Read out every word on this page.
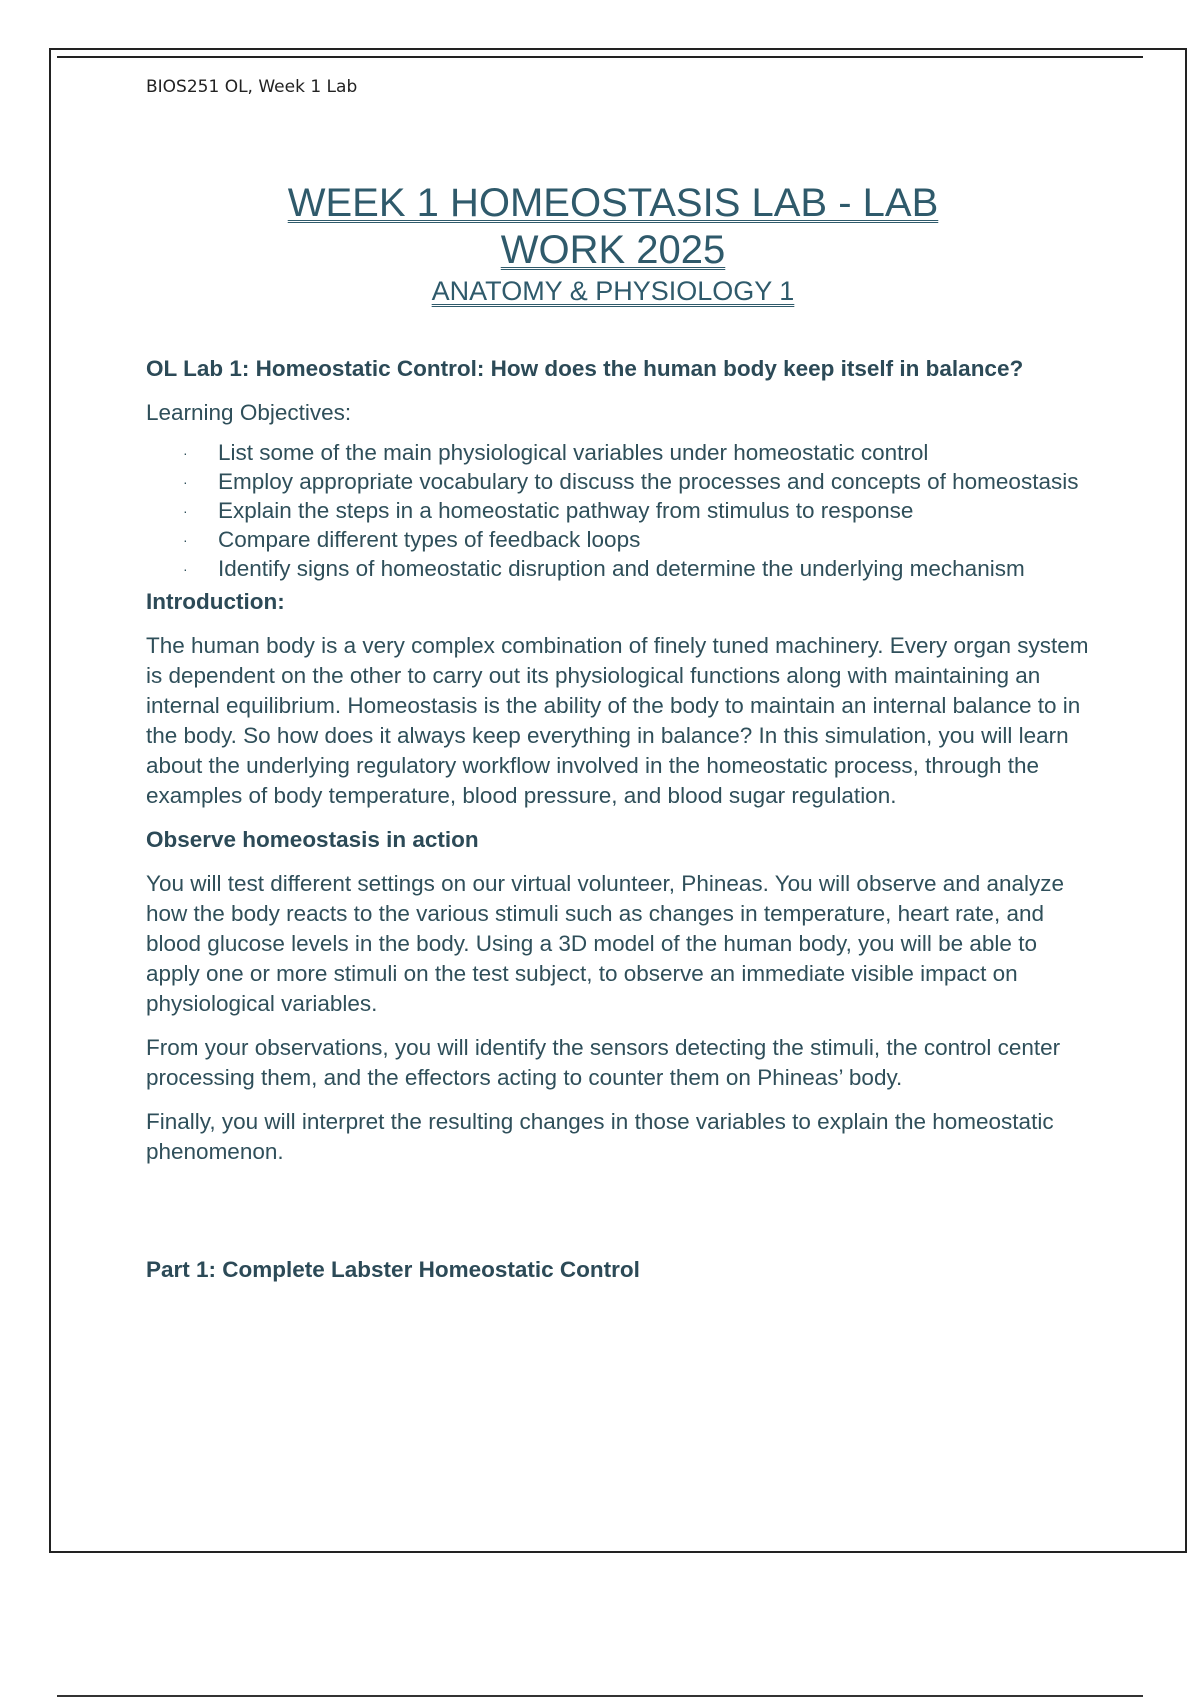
BIOS251 OL, Week 1 Lab

WEEK 1 HOMEOSTASIS LAB - LAB

WORK 2025

ANATOMY & PHYSIOLOGY 1

OL Lab 1: Homeostatic Control: How does the human body keep itself in balance?

Learning Objectives:

· List some of the main physiological variables under homeostatic control
· Employ appropriate vocabulary to discuss the processes and concepts of homeostasis
· Explain the steps in a homeostatic pathway from stimulus to response
· Compare different types of feedback loops
· Identify signs of homeostatic disruption and determine the underlying mechanism

Introduction:

The human body is a very complex combination of finely tuned machinery. Every organ system is dependent on the other to carry out its physiological functions along with maintaining an internal equilibrium. Homeostasis is the ability of the body to maintain an internal balance to in the body. So how does it always keep everything in balance? In this simulation, you will learn about the underlying regulatory workflow involved in the homeostatic process, through the examples of body temperature, blood pressure, and blood sugar regulation.

Observe homeostasis in action

You will test different settings on our virtual volunteer, Phineas. You will observe and analyze how the body reacts to the various stimuli such as changes in temperature, heart rate, and blood glucose levels in the body. Using a 3D model of the human body, you will be able to apply one or more stimuli on the test subject, to observe an immediate visible impact on physiological variables.

From your observations, you will identify the sensors detecting the stimuli, the control center processing them, and the effectors acting to counter them on Phineas’ body.

Finally, you will interpret the resulting changes in those variables to explain the homeostatic phenomenon.

Part 1: Complete Labster Homeostatic Control
